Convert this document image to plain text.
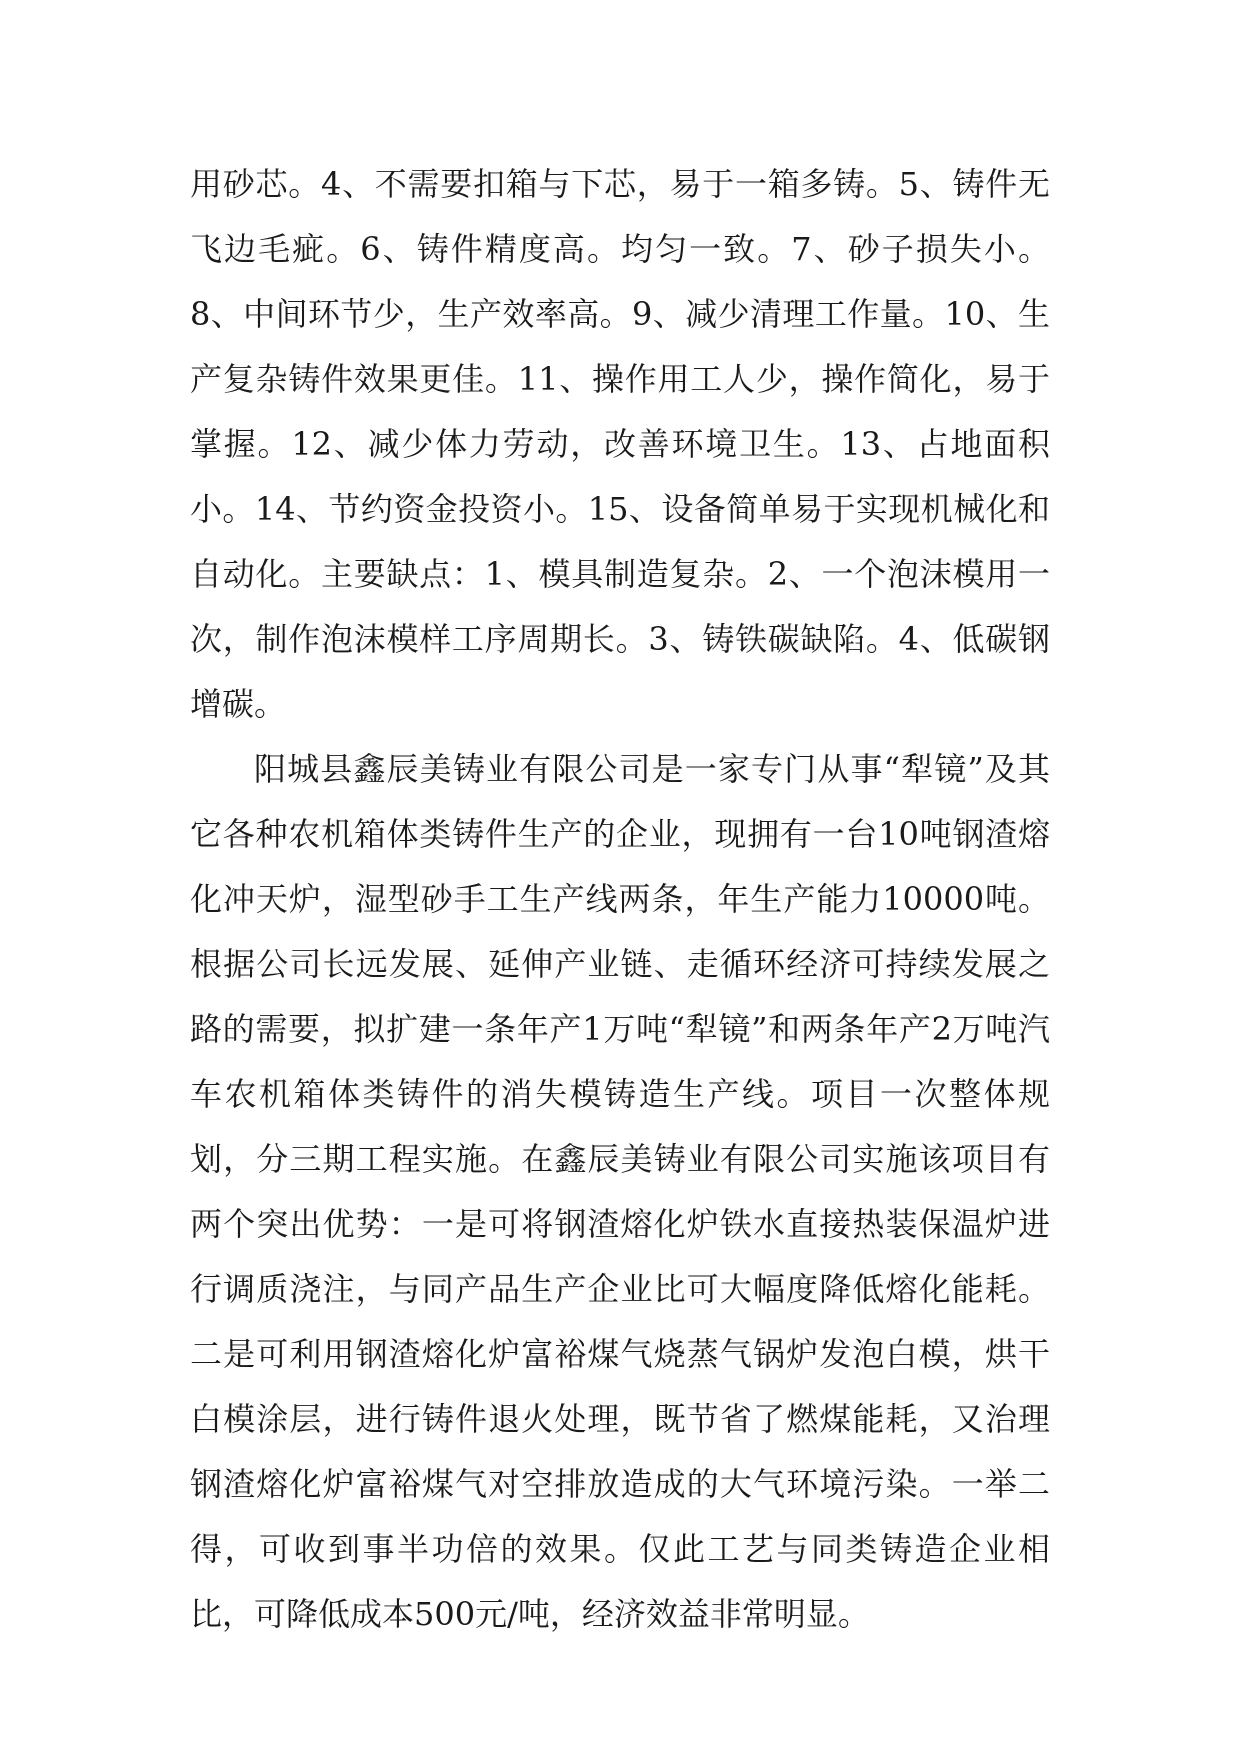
用砂芯。4、不需要扣箱与下芯，易于一箱多铸。5、铸件无飞边毛疵。6、铸件精度高。均匀一致。7、砂子损失小。8、中间环节少，生产效率高。9、减少清理工作量。10、生产复杂铸件效果更佳。11、操作用工人少，操作简化，易于掌握。12、减少体力劳动，改善环境卫生。13、占地面积小。14、节约资金投资小。15、设备简单易于实现机械化和自动化。主要缺点：1、模具制造复杂。2、一个泡沫模用一次，制作泡沫模样工序周期长。3、铸铁碳缺陷。4、低碳钢增碳。

阳城县鑫辰美铸业有限公司是一家专门从事“犁镜”及其它各种农机箱体类铸件生产的企业，现拥有一台10吨钢渣熔化冲天炉，湿型砂手工生产线两条，年生产能力10000吨。根据公司长远发展、延伸产业链、走循环经济可持续发展之路的需要，拟扩建一条年产1万吨“犁镜”和两条年产2万吨汽车农机箱体类铸件的消失模铸造生产线。项目一次整体规划，分三期工程实施。在鑫辰美铸业有限公司实施该项目有两个突出优势：一是可将钢渣熔化炉铁水直接热装保温炉进行调质浇注，与同产品生产企业比可大幅度降低熔化能耗。二是可利用钢渣熔化炉富裕煤气烧蒸气锅炉发泡白模，烘干白模涂层，进行铸件退火处理，既节省了燃煤能耗，又治理钢渣熔化炉富裕煤气对空排放造成的大气环境污染。一举二得，可收到事半功倍的效果。仅此工艺与同类铸造企业相比，可降低成本500元/吨，经济效益非常明显。
